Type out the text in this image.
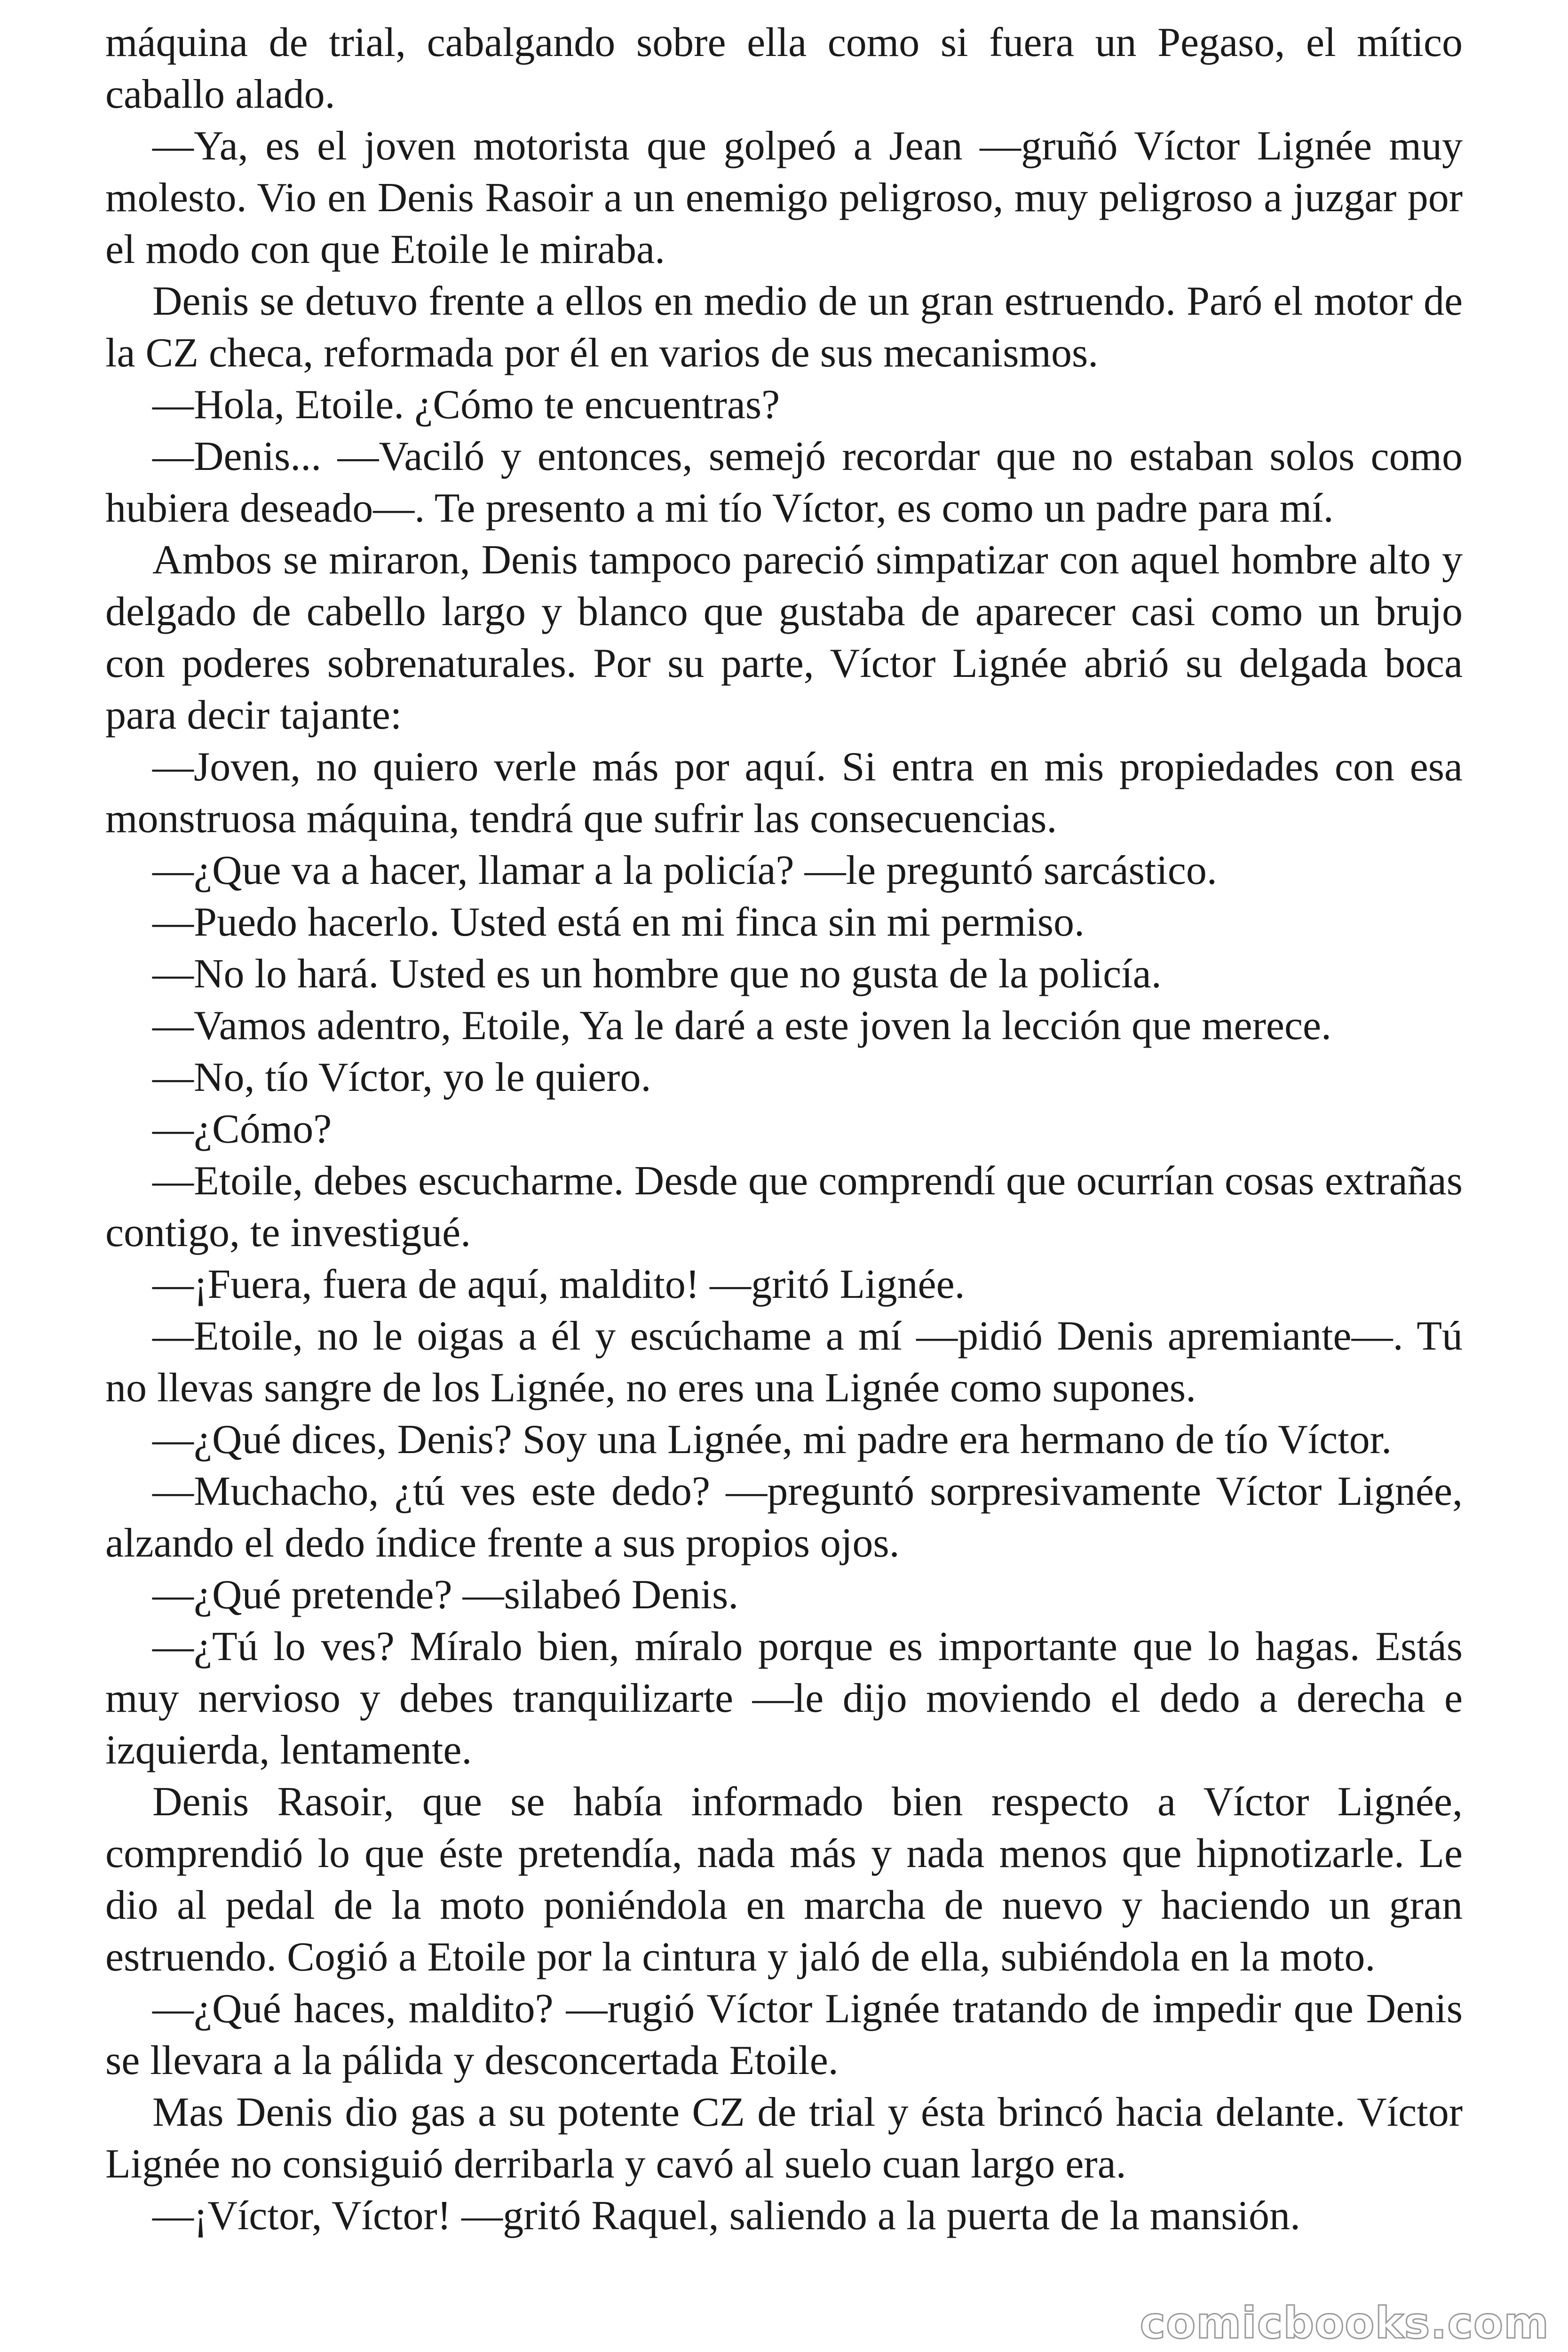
máquina de trial, cabalgando sobre ella como si fuera un Pegaso, el mítico caballo alado.

—Ya, es el joven motorista que golpeó a Jean —gruñó Víctor Lignée muy molesto. Vio en Denis Rasoir a un enemigo peligroso, muy peligroso a juzgar por el modo con que Etoile le miraba.

Denis se detuvo frente a ellos en medio de un gran estruendo. Paró el motor de la CZ checa, reformada por él en varios de sus mecanismos.

—Hola, Etoile. ¿Cómo te encuentras?

—Denis... —Vaciló y entonces, semejó recordar que no estaban solos como hubiera deseado—. Te presento a mi tío Víctor, es como un padre para mí.

Ambos se miraron, Denis tampoco pareció simpatizar con aquel hombre alto y delgado de cabello largo y blanco que gustaba de aparecer casi como un brujo con poderes sobrenaturales. Por su parte, Víctor Lignée abrió su delgada boca para decir tajante:

—Joven, no quiero verle más por aquí. Si entra en mis propiedades con esa monstruosa máquina, tendrá que sufrir las consecuencias.

—¿Que va a hacer, llamar a la policía? —le preguntó sarcástico.

—Puedo hacerlo. Usted está en mi finca sin mi permiso.

—No lo hará. Usted es un hombre que no gusta de la policía.

—Vamos adentro, Etoile, Ya le daré a este joven la lección que merece.

—No, tío Víctor, yo le quiero.

—¿Cómo?

—Etoile, debes escucharme. Desde que comprendí que ocurrían cosas extrañas contigo, te investigué.

—¡Fuera, fuera de aquí, maldito! —gritó Lignée.

—Etoile, no le oigas a él y escúchame a mí —pidió Denis apremiante—. Tú no llevas sangre de los Lignée, no eres una Lignée como supones.

—¿Qué dices, Denis? Soy una Lignée, mi padre era hermano de tío Víctor.

—Muchacho, ¿tú ves este dedo? —preguntó sorpresivamente Víctor Lignée, alzando el dedo índice frente a sus propios ojos.

—¿Qué pretende? —silabeó Denis.

—¿Tú lo ves? Míralo bien, míralo porque es importante que lo hagas. Estás muy nervioso y debes tranquilizarte —le dijo moviendo el dedo a derecha e izquierda, lentamente.

Denis Rasoir, que se había informado bien respecto a Víctor Lignée, comprendió lo que éste pretendía, nada más y nada menos que hipnotizarle. Le dio al pedal de la moto poniéndola en marcha de nuevo y haciendo un gran estruendo. Cogió a Etoile por la cintura y jaló de ella, subiéndola en la moto.

—¿Qué haces, maldito? —rugió Víctor Lignée tratando de impedir que Denis se llevara a la pálida y desconcertada Etoile.

Mas Denis dio gas a su potente CZ de trial y ésta brincó hacia delante. Víctor Lignée no consiguió derribarla y cavó al suelo cuan largo era.

—¡Víctor, Víctor! —gritó Raquel, saliendo a la puerta de la mansión.

comicbooks.com
